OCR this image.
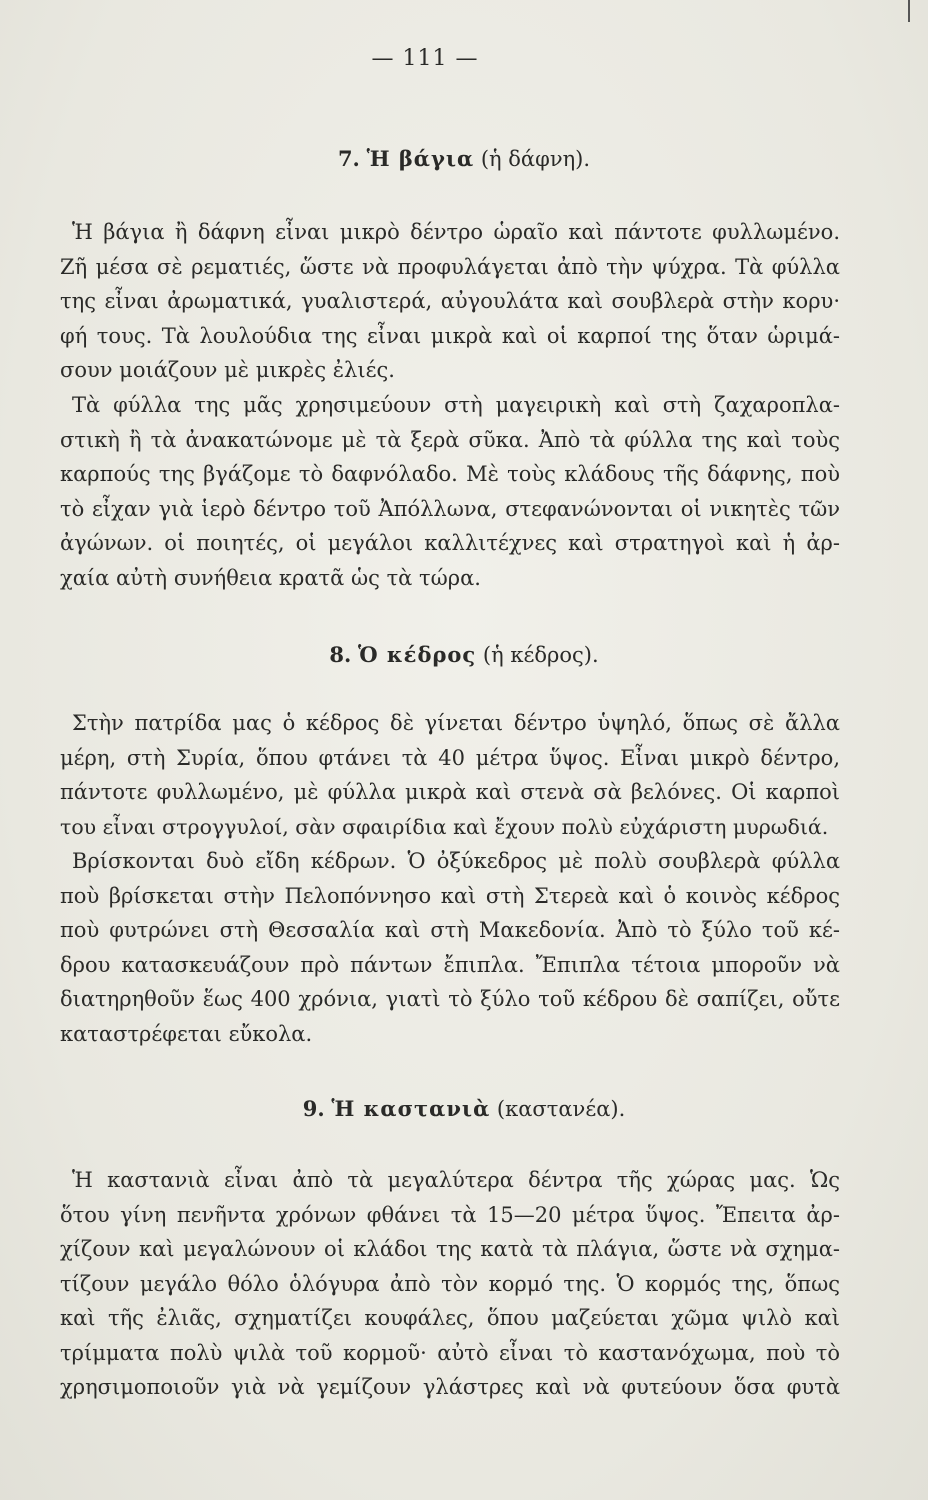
— 111 —
7. Ἡ βάγια (ἡ δάφνη).
Ἡ βάγια ἢ δάφνη εἶναι μικρὸ δέντρο ὡραῖο καὶ πάντοτε φυλλωμένο.
Ζῆ μέσα σὲ ρεματιές, ὥστε νὰ προφυλάγεται ἀπὸ τὴν ψύχρα. Τὰ φύλλα
της εἶναι ἀρωματικά, γυαλιστερά, αὐγουλάτα καὶ σουβλερὰ στὴν κορυ·
φή τους. Τὰ λουλούδια της εἶναι μικρὰ καὶ οἱ καρποί της ὅταν ὡριμά-
σουν μοιάζουν μὲ μικρὲς ἐλιές.
Τὰ φύλλα της μᾶς χρησιμεύουν στὴ μαγειρικὴ καὶ στὴ ζαχαροπλα-
στικὴ ἢ τὰ ἀνακατώνομε μὲ τὰ ξερὰ σῦκα. Ἀπὸ τὰ φύλλα της καὶ τοὺς
καρπούς της βγάζομε τὸ δαφνόλαδο. Μὲ τοὺς κλάδους τῆς δάφνης, ποὺ
τὸ εἶχαν γιὰ ἱερὸ δέντρο τοῦ Ἀπόλλωνα, στεφανώνονται οἱ νικητὲς τῶν
ἀγώνων. οἱ ποιητές, οἱ μεγάλοι καλλιτέχνες καὶ στρατηγοὶ καὶ ἡ ἀρ-
χαία αὐτὴ συνήθεια κρατᾶ ὡς τὰ τώρα.
8. Ὁ κέδρος (ἡ κέδρος).
Στὴν πατρίδα μας ὁ κέδρος δὲ γίνεται δέντρο ὑψηλό, ὅπως σὲ ἄλλα
μέρη, στὴ Συρία, ὅπου φτάνει τὰ 40 μέτρα ὕψος. Εἶναι μικρὸ δέντρο,
πάντοτε φυλλωμένο, μὲ φύλλα μικρὰ καὶ στενὰ σὰ βελόνες. Οἱ καρποὶ
του εἶναι στρογγυλοί, σὰν σφαιρίδια καὶ ἔχουν πολὺ εὐχάριστη μυρωδιά.
Βρίσκονται δυὸ εἴδη κέδρων. Ὁ ὀξύκεδρος μὲ πολὺ σουβλερὰ φύλλα
ποὺ βρίσκεται στὴν Πελοπόννησο καὶ στὴ Στερεὰ καὶ ὁ κοινὸς κέδρος
ποὺ φυτρώνει στὴ Θεσσαλία καὶ στὴ Μακεδονία. Ἀπὸ τὸ ξύλο τοῦ κέ-
δρου κατασκευάζουν πρὸ πάντων ἔπιπλα. Ἔπιπλα τέτοια μποροῦν νὰ
διατηρηθοῦν ἕως 400 χρόνια, γιατὶ τὸ ξύλο τοῦ κέδρου δὲ σαπίζει, οὔτε
καταστρέφεται εὔκολα.
9. Ἡ καστανιὰ (καστανέα).
Ἡ καστανιὰ εἶναι ἀπὸ τὰ μεγαλύτερα δέντρα τῆς χώρας μας. Ὡς
ὅτου γίνη πενῆντα χρόνων φθάνει τὰ 15—20 μέτρα ὕψος. Ἔπειτα ἀρ-
χίζουν καὶ μεγαλώνουν οἱ κλάδοι της κατὰ τὰ πλάγια, ὥστε νὰ σχημα-
τίζουν μεγάλο θόλο ὁλόγυρα ἀπὸ τὸν κορμό της. Ὁ κορμός της, ὅπως
καὶ τῆς ἐλιᾶς, σχηματίζει κουφάλες, ὅπου μαζεύεται χῶμα ψιλὸ καὶ
τρίμματα πολὺ ψιλὰ τοῦ κορμοῦ· αὐτὸ εἶναι τὸ καστανόχωμα, ποὺ τὸ
χρησιμοποιοῦν γιὰ νὰ γεμίζουν γλάστρες καὶ νὰ φυτεύουν ὅσα φυτὰ
